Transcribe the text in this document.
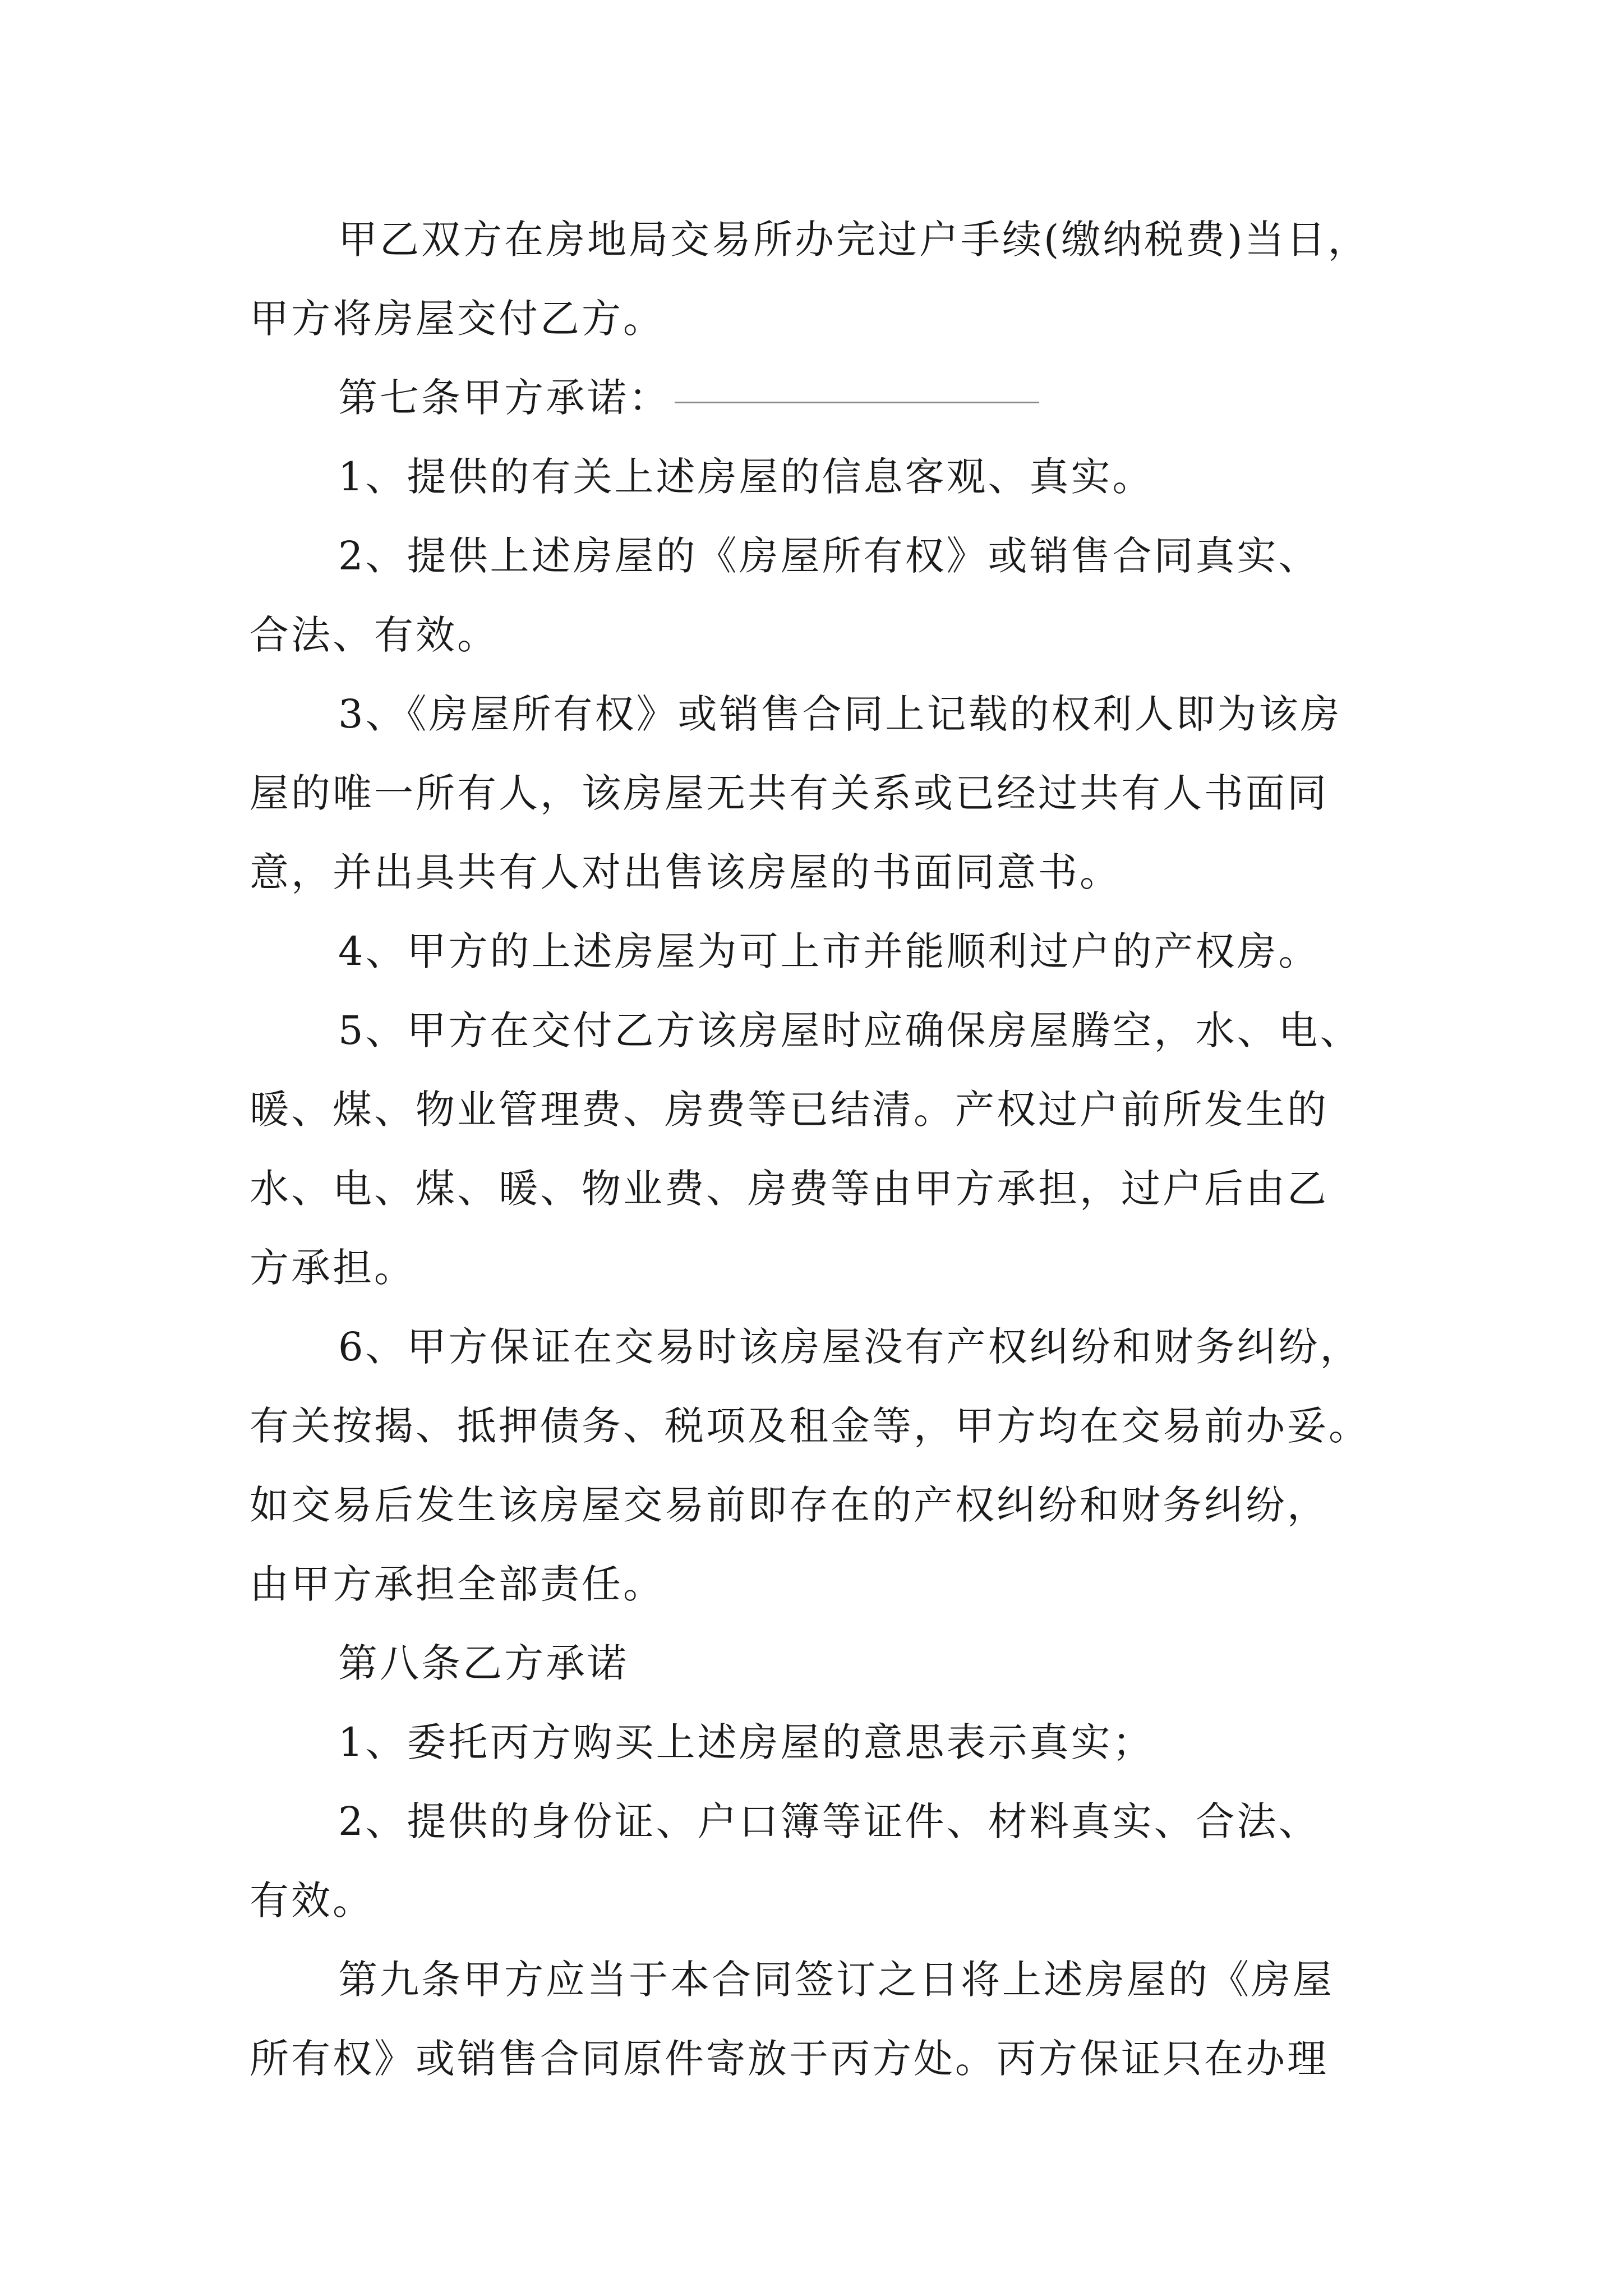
甲乙双方在房地局交易所办完过户手续(缴纳税费)当日，
甲方将房屋交付乙方。
第七条甲方承诺：
1、提供的有关上述房屋的信息客观、真实。
2、提供上述房屋的《房屋所有权》或销售合同真实、
合法、有效。
3、《房屋所有权》或销售合同上记载的权利人即为该房
屋的唯一所有人，该房屋无共有关系或已经过共有人书面同
意，并出具共有人对出售该房屋的书面同意书。
4、甲方的上述房屋为可上市并能顺利过户的产权房。
5、甲方在交付乙方该房屋时应确保房屋腾空，水、电、
暖、煤、物业管理费、房费等已结清。产权过户前所发生的
水、电、煤、暖、物业费、房费等由甲方承担，过户后由乙
方承担。
6、甲方保证在交易时该房屋没有产权纠纷和财务纠纷，
有关按揭、抵押债务、税项及租金等，甲方均在交易前办妥。
如交易后发生该房屋交易前即存在的产权纠纷和财务纠纷，
由甲方承担全部责任。
第八条乙方承诺
1、委托丙方购买上述房屋的意思表示真实；
2、提供的身份证、户口簿等证件、材料真实、合法、
有效。
第九条甲方应当于本合同签订之日将上述房屋的《房屋
所有权》或销售合同原件寄放于丙方处。丙方保证只在办理
